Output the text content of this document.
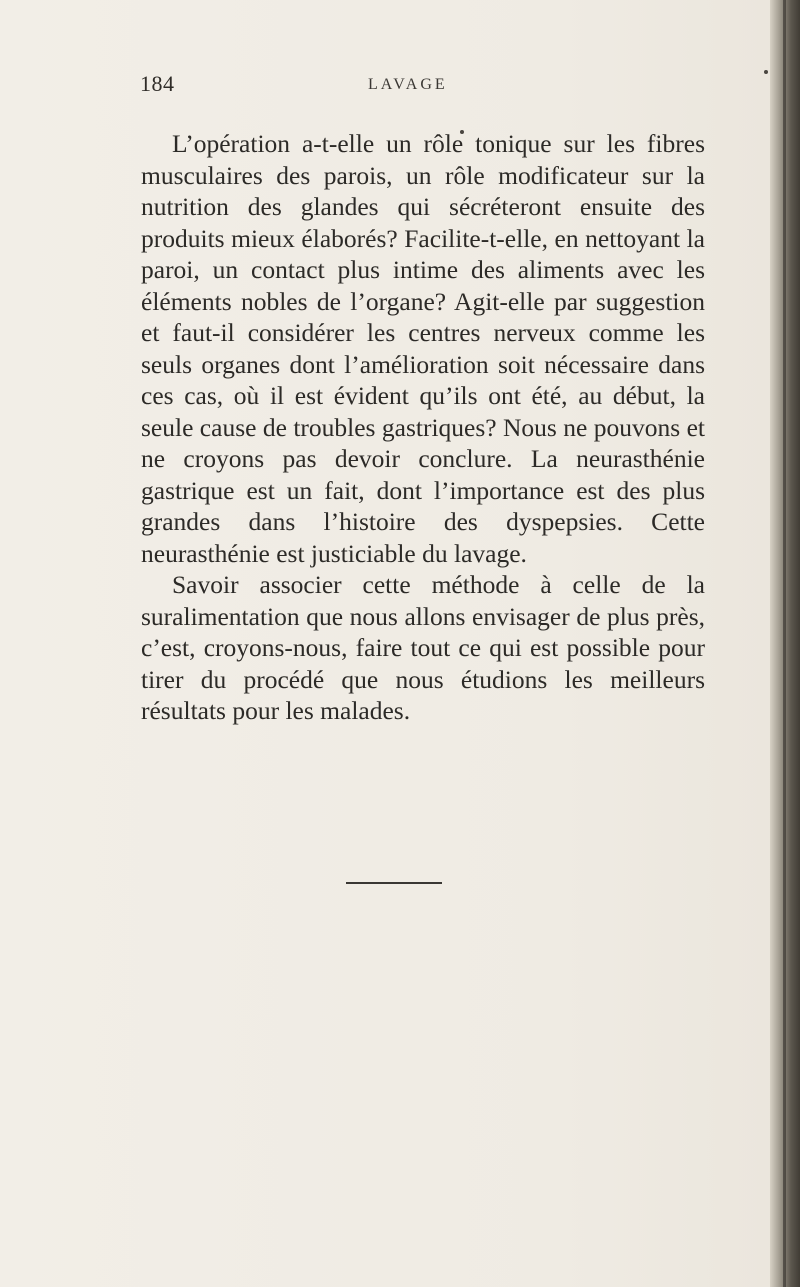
184	LAVAGE

L’opération a-t-elle un rôle tonique sur les fibres musculaires des parois, un rôle modificateur sur la nutrition des glandes qui sécréteront ensuite des produits mieux élaborés? Facilite-t-elle, en nettoyant la paroi, un contact plus intime des aliments avec les éléments nobles de l’organe? Agit-elle par suggestion et faut-il considérer les centres nerveux comme les seuls organes dont l’amélioration soit nécessaire dans ces cas, où il est évident qu’ils ont été, au début, la seule cause de troubles gastriques? Nous ne pouvons et ne croyons pas devoir conclure. La neurasthénie gastrique est un fait, dont l’importance est des plus grandes dans l’histoire des dyspepsies. Cette neurasthénie est justiciable du lavage.

Savoir associer cette méthode à celle de la suralimentation que nous allons envisager de plus près, c’est, croyons-nous, faire tout ce qui est possible pour tirer du procédé que nous étudions les meilleurs résultats pour les malades.
